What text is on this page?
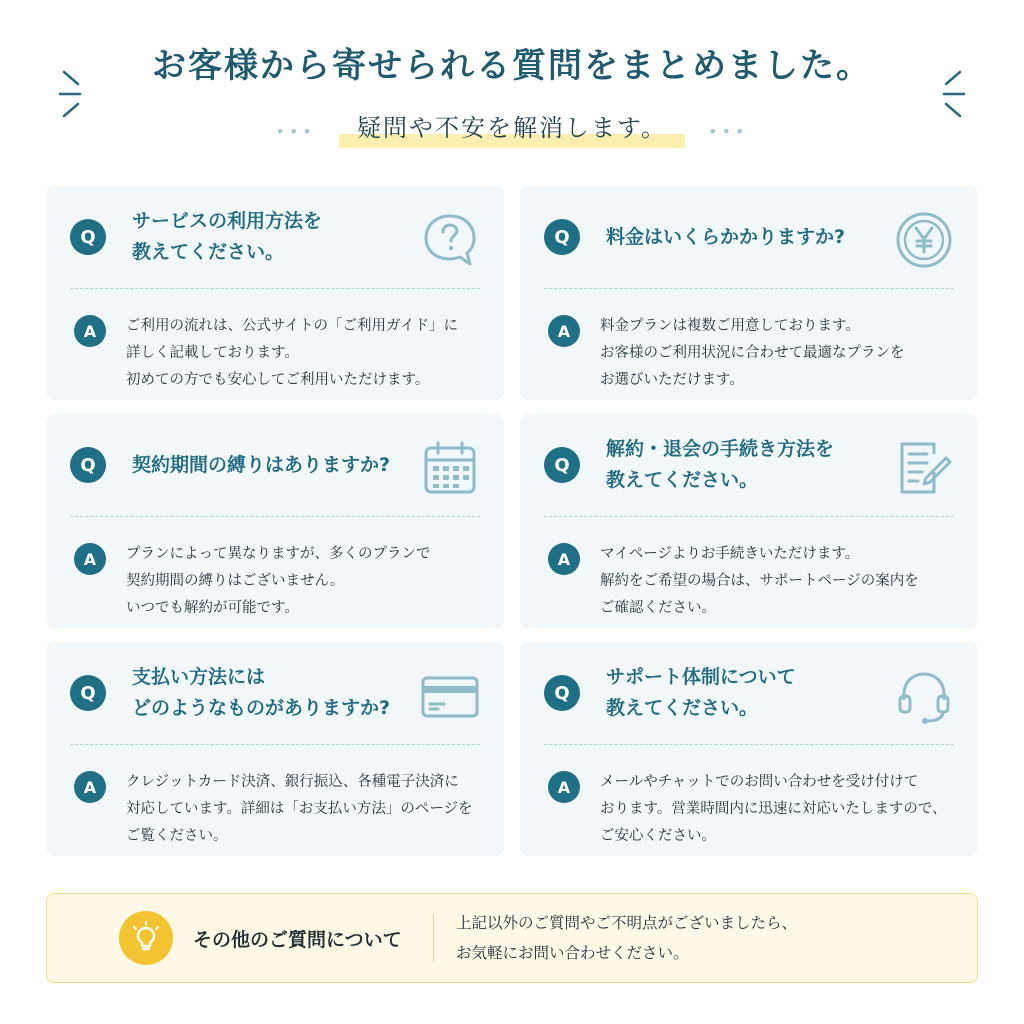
お客様から寄せられる質問をまとめました。
••• 疑問や不安を解消します。	•••
Q
サービスの利用方法を
教えてください。
A	ご利用の流れは、公式サイトの「ご利用ガイド」に
詳しく記載しております。
初めての方でも安心してご利用いただけます。
Q	料金はいくらかかりますか?
A	料金プランは複数ご用意しております。
お客様のご利用状況に合わせて最適なプランを
お選びいただけます。
Q	契約期間の縛りはありますか?
A	プランによって異なりますが、多くのプランで
契約期間の縛りはございません。
いつでも解約が可能です。
Q
解約・退会の手続き方法を
教えてください。
A	マイページよりお手続きいただけます。
解約をご希望の場合は、サポートページの案内を
ご確認ください。
Q
支払い方法には
どのようなものがありますか?
A	クレジットカード決済、銀行振込、各種電子決済に
対応しています。詳細は「お支払い方法」のページを
ご覧ください。
Q
サポート体制について
教えてください。
A	メールやチャットでのお問い合わせを受け付けて
おります。営業時間内に迅速に対応いたしますので、
ご安心ください。
その他のご質問について
上記以外のご質問やご不明点がございましたら、
お気軽にお問い合わせください。
